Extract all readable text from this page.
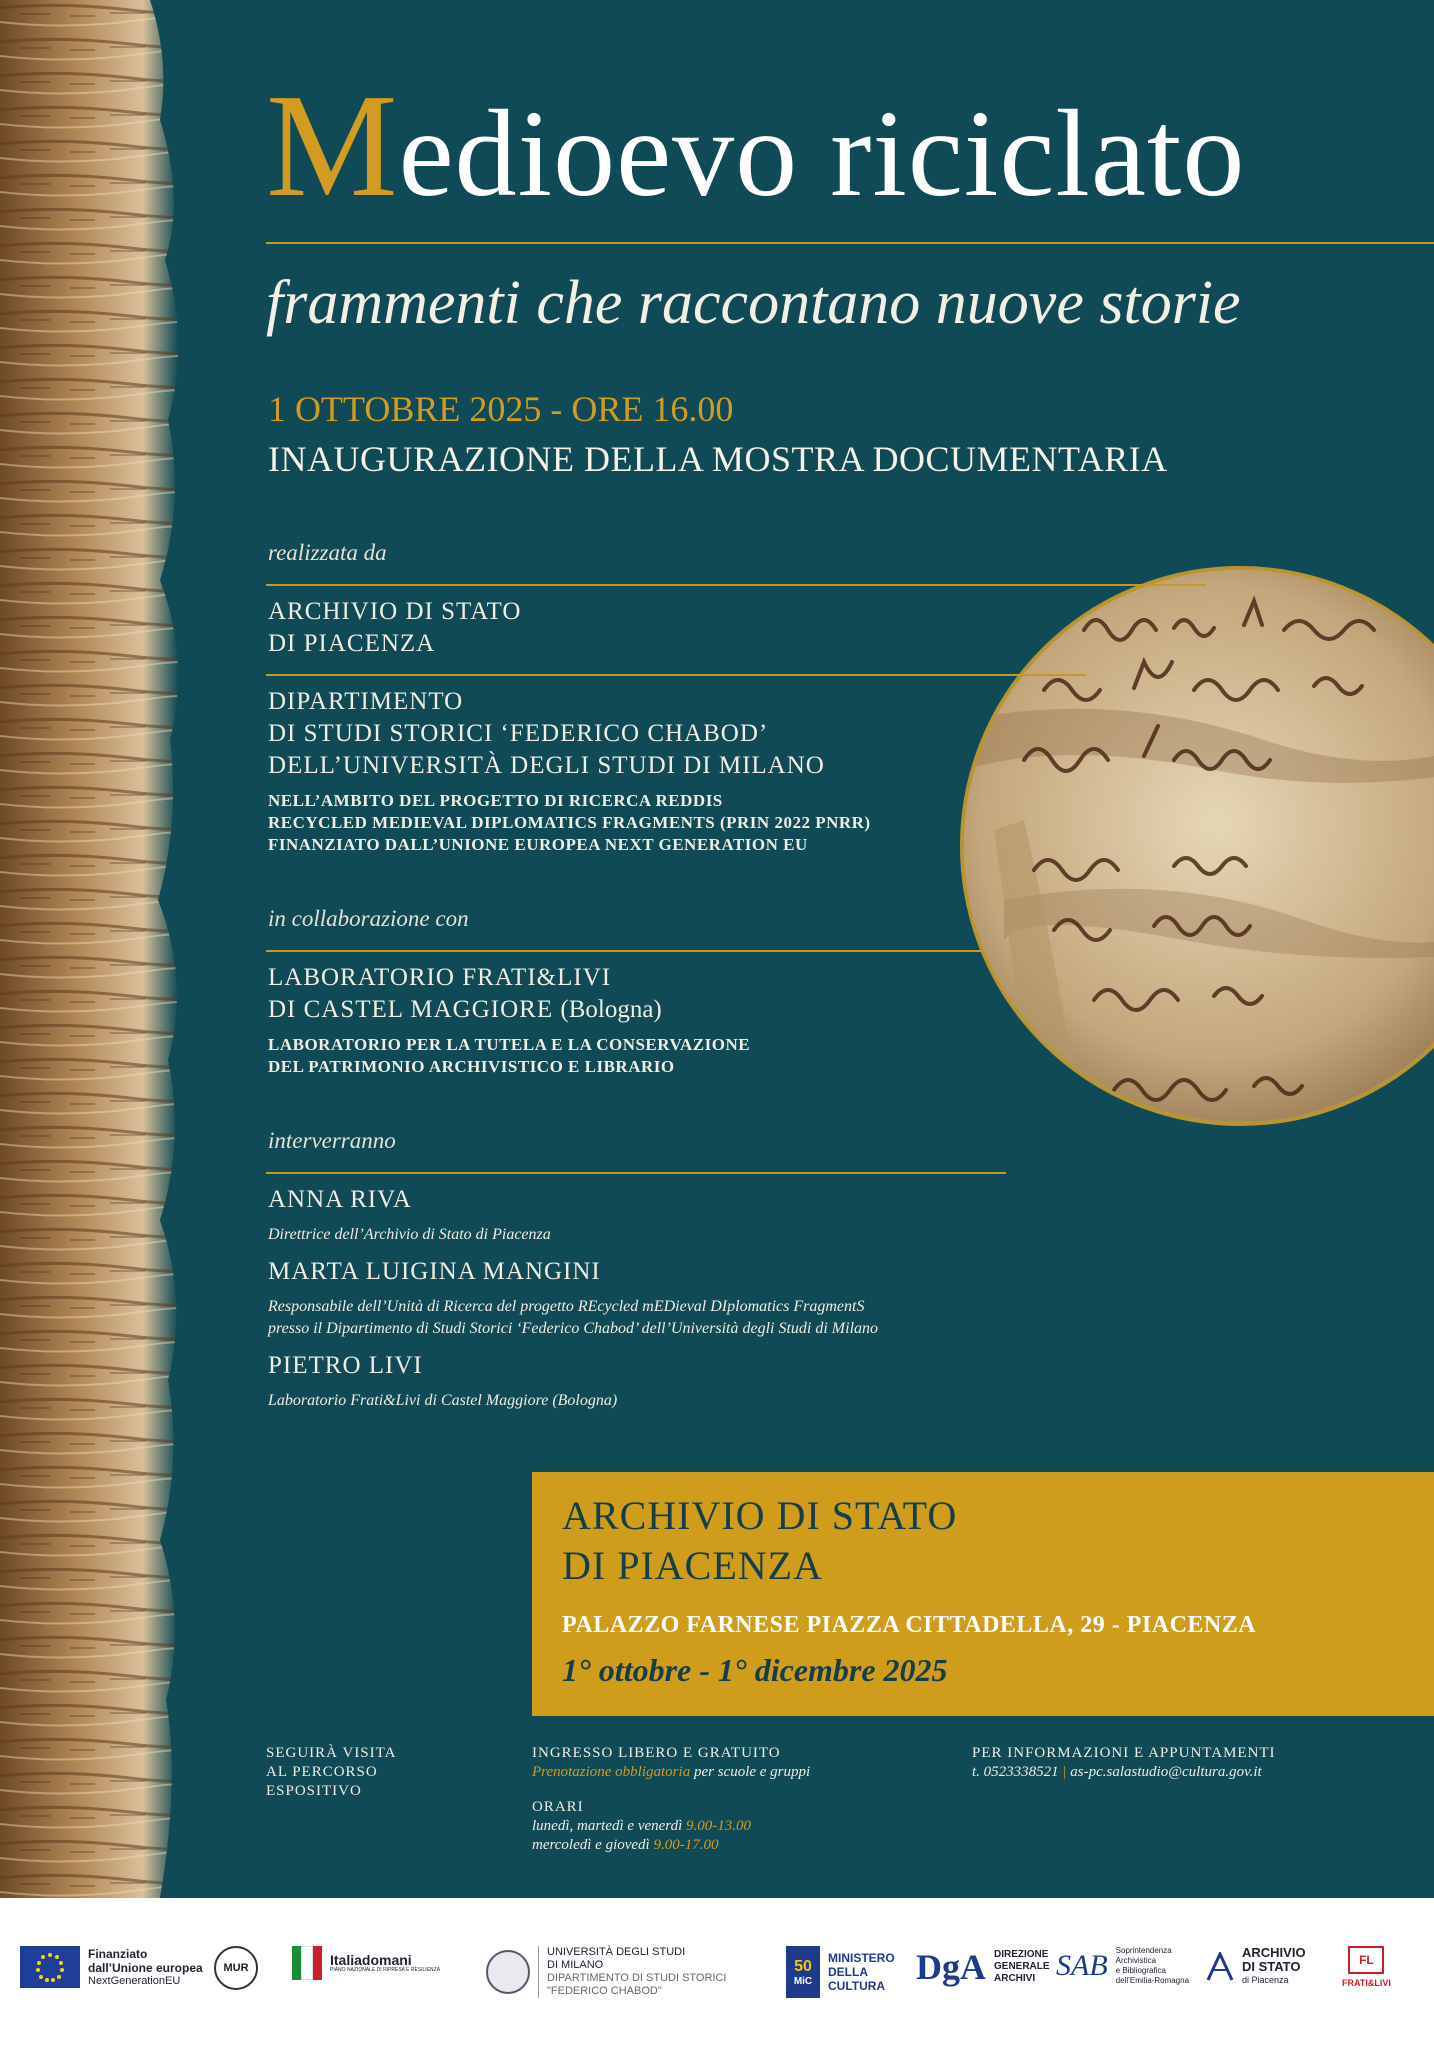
Medioevo riciclato
frammenti che raccontano nuove storie
1 OTTOBRE 2025 - ORE 16.00
INAUGURAZIONE DELLA MOSTRA DOCUMENTARIA
realizzata da
ARCHIVIO DI STATO
DI PIACENZA
DIPARTIMENTO
DI STUDI STORICI ‘FEDERICO CHABOD’
DELL’UNIVERSITÀ DEGLI STUDI DI MILANO
NELL’AMBITO DEL PROGETTO DI RICERCA REDDIS
RECYCLED MEDIEVAL DIPLOMATICS FRAGMENTS (PRIN 2022 PNRR)
FINANZIATO DALL’UNIONE EUROPEA NEXT GENERATION EU
in collaborazione con
LABORATORIO FRATI&LIVI
DI CASTEL MAGGIORE (Bologna)
LABORATORIO PER LA TUTELA E LA CONSERVAZIONE
DEL PATRIMONIO ARCHIVISTICO E LIBRARIO
interverranno
ANNA RIVA
Direttrice dell’Archivio di Stato di Piacenza
MARTA LUIGINA MANGINI
Responsabile dell’Unità di Ricerca del progetto REcycled mEDieval DIplomatics FragmentS
presso il Dipartimento di Studi Storici ‘Federico Chabod’ dell’Università degli Studi di Milano
PIETRO LIVI
Laboratorio Frati&Livi di Castel Maggiore (Bologna)
ARCHIVIO DI STATO
DI PIACENZA
PALAZZO FARNESE PIAZZA CITTADELLA, 29 - PIACENZA
1° ottobre - 1° dicembre 2025
SEGUIRÀ VISITA
AL PERCORSO
ESPOSITIVO
INGRESSO LIBERO E GRATUITO
Prenotazione obbligatoria per scuole e gruppi
ORARI
lunedì, martedì e venerdì 9.00-13.00
mercoledì e giovedì 9.00-17.00
PER INFORMAZIONI E APPUNTAMENTI
t. 0523338521 | as-pc.salastudio@cultura.gov.it
Finanziato
dall’Unione europea
NextGenerationEU
MUR
Italiadomani
PIANO NAZIONALE DI RIPRESA E RESILIENZA
UNIVERSITÀ DEGLI STUDI
DI MILANO
DIPARTIMENTO DI STUDI STORICI
"FEDERICO CHABOD"
50
MiC
MINISTERO
DELLA
CULTURA DgA DIREZIONE
GENERALE
ARCHIVI SAB Soprintendenza
Archivistica
e Bibliografica
dell’Emilia-Romagna
ARCHIVIO
DI STATO
di Piacenza
FL
FRATI&LIVI
